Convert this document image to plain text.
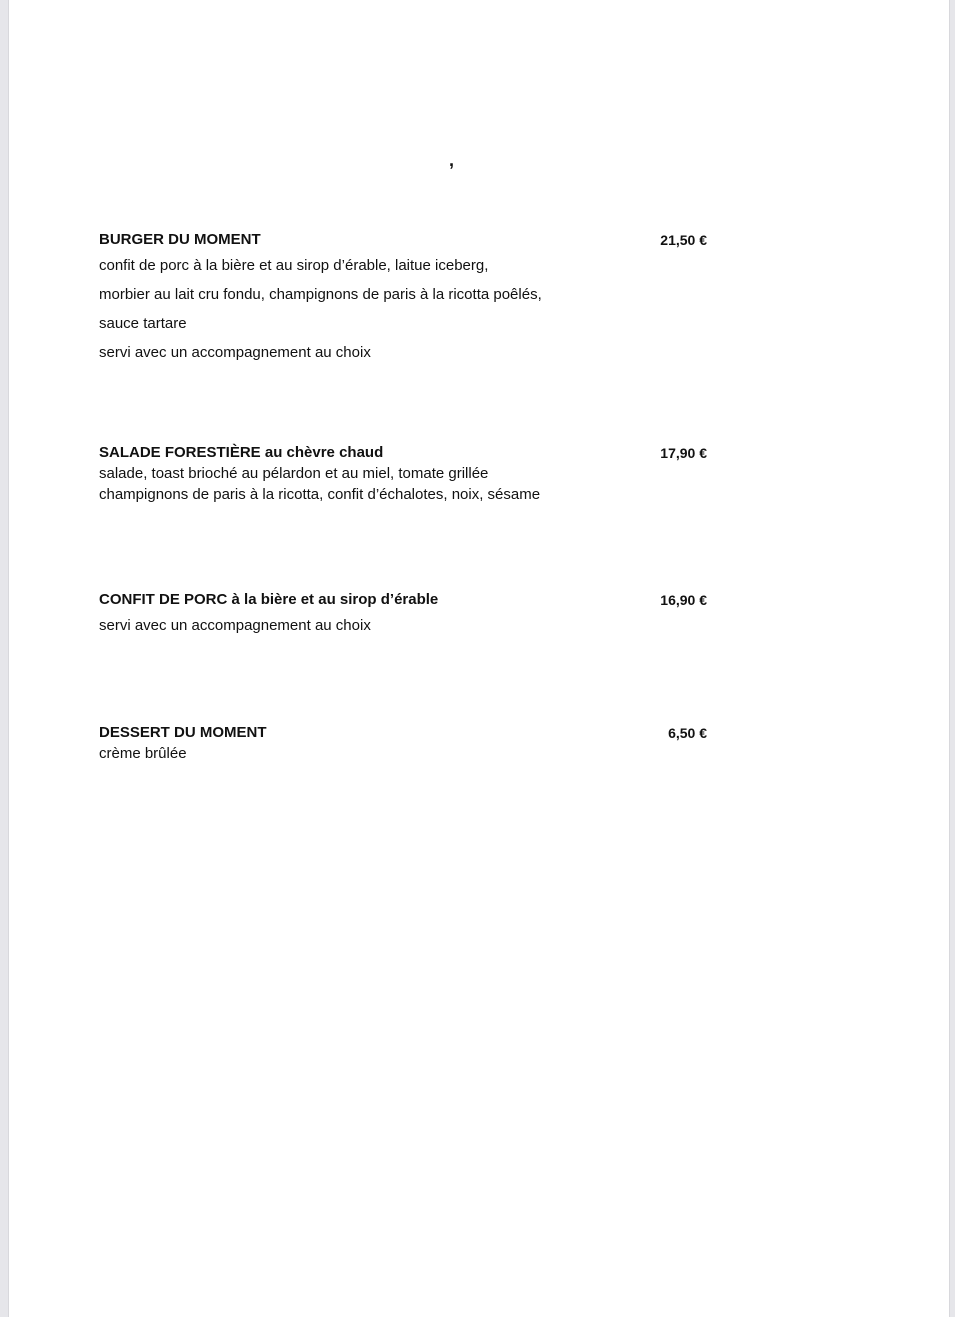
,
BURGER DU MOMENT	21,50 €

confit de porc à la bière et au sirop d’érable, laitue iceberg,

morbier au lait cru fondu, champignons de paris à la ricotta poêlés,

sauce tartare

servi avec un accompagnement au choix

SALADE FORESTIÈRE au chèvre chaud	17,90 €

salade, toast brioché au pélardon et au miel, tomate grillée

champignons de paris à la ricotta, confit d’échalotes, noix, sésame

CONFIT DE PORC à la bière et au sirop d’érable	16,90 €

servi avec un accompagnement au choix

DESSERT DU MOMENT	6,50 €

crème brûlée
